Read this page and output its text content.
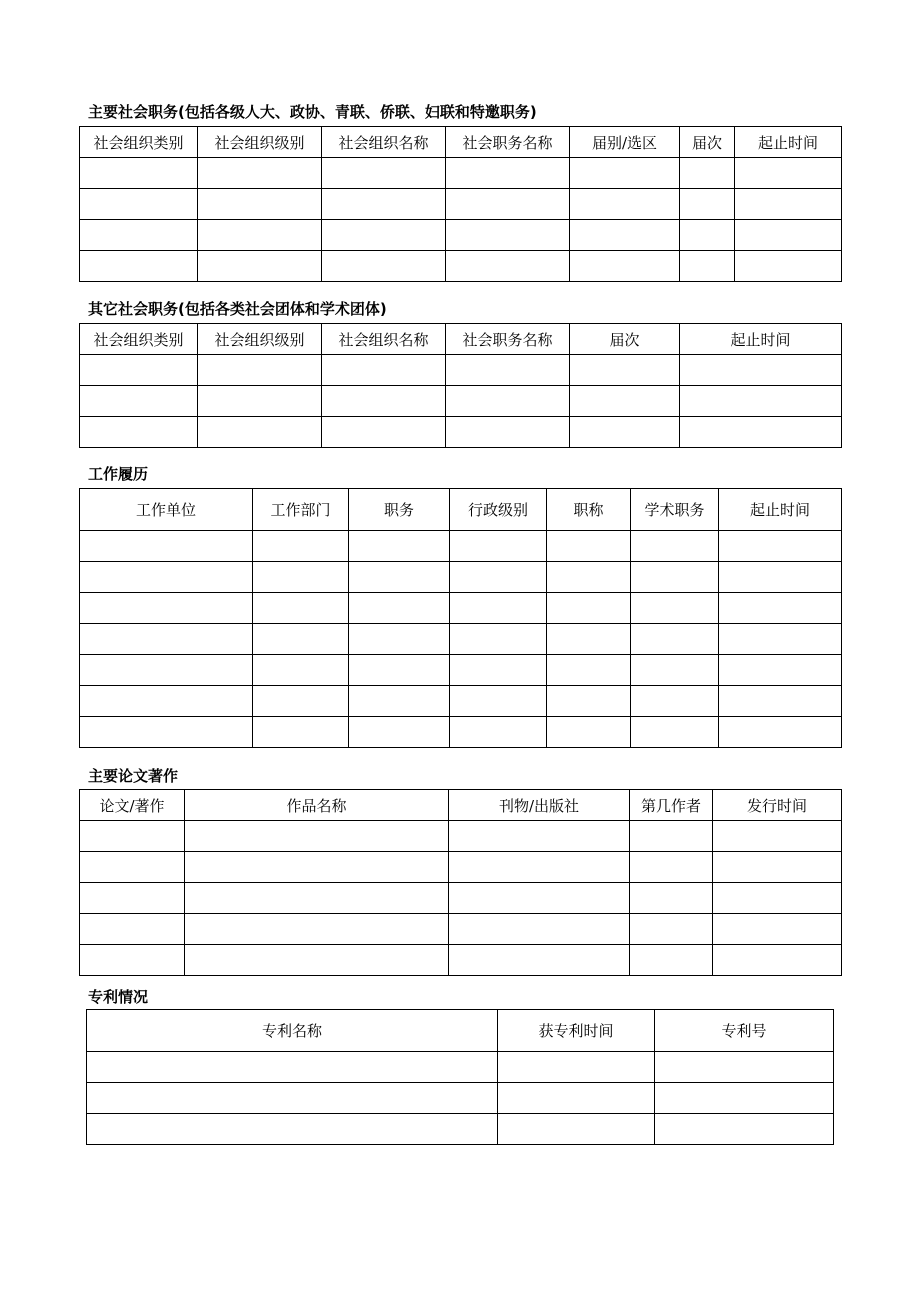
主要社会职务(包括各级人大、政协、青联、侨联、妇联和特邀职务)
社会组织类别	社会组织级别	社会组织名称	社会职务名称	届别/选区	届次	起止时间

其它社会职务(包括各类社会团体和学术团体)
社会组织类别	社会组织级别	社会组织名称	社会职务名称	届次	起止时间

工作履历
工作单位	工作部门	职务	行政级别	职称	学术职务	起止时间

主要论文著作
论文/著作	作品名称	刊物/出版社	第几作者	发行时间

专利情况
专利名称	获专利时间	专利号
